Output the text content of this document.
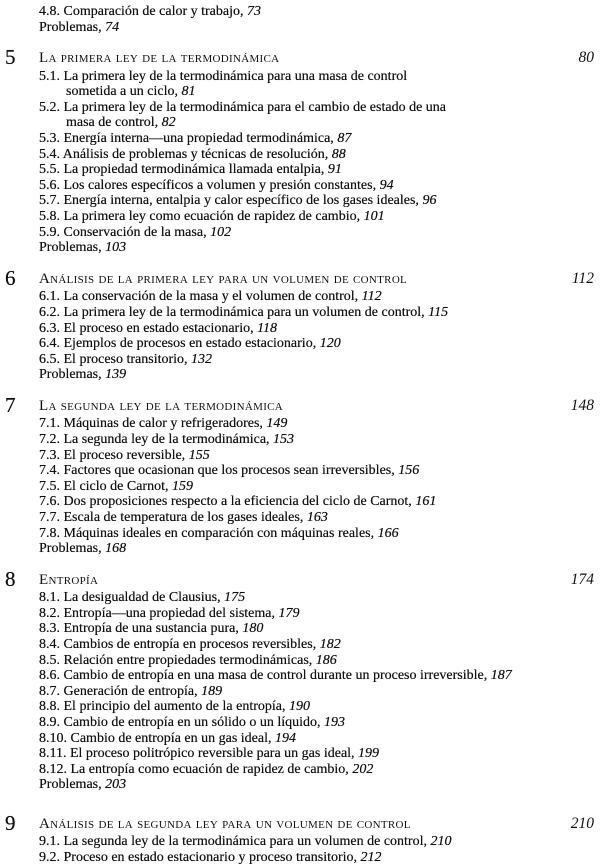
4.8. Comparación de calor y trabajo, 73
Problemas, 74
5 La primera ley de la termodinámica	80
5.1. La primera ley de la termodinámica para una masa de control
sometida a un ciclo, 81
5.2. La primera ley de la termodinámica para el cambio de estado de una
masa de control, 82
5.3. Energía interna—una propiedad termodinámica, 87
5.4. Análisis de problemas y técnicas de resolución, 88
5.5. La propiedad termodinámica llamada entalpia, 91
5.6. Los calores específicos a volumen y presión constantes, 94
5.7. Energía interna, entalpia y calor específico de los gases ideales, 96
5.8. La primera ley como ecuación de rapidez de cambio, 101
5.9. Conservación de la masa, 102
Problemas, 103
6 Análisis de la primera ley para un volumen de control	112
6.1. La conservación de la masa y el volumen de control, 112
6.2. La primera ley de la termodinámica para un volumen de control, 115
6.3. El proceso en estado estacionario, 118
6.4. Ejemplos de procesos en estado estacionario, 120
6.5. El proceso transitorio, 132
Problemas, 139
7 La segunda ley de la termodinámica	148
7.1. Máquinas de calor y refrigeradores, 149
7.2. La segunda ley de la termodinámica, 153
7.3. El proceso reversible, 155
7.4. Factores que ocasionan que los procesos sean irreversibles, 156
7.5. El ciclo de Carnot, 159
7.6. Dos proposiciones respecto a la eficiencia del ciclo de Carnot, 161
7.7. Escala de temperatura de los gases ideales, 163
7.8. Máquinas ideales en comparación con máquinas reales, 166
Problemas, 168
8 Entropía	174
8.1. La desigualdad de Clausius, 175
8.2. Entropía—una propiedad del sistema, 179
8.3. Entropía de una sustancia pura, 180
8.4. Cambios de entropía en procesos reversibles, 182
8.5. Relación entre propiedades termodinámicas, 186
8.6. Cambio de entropía en una masa de control durante un proceso irreversible, 187
8.7. Generación de entropía, 189
8.8. El principio del aumento de la entropía, 190
8.9. Cambio de entropía en un sólido o un líquido, 193
8.10. Cambio de entropía en un gas ideal, 194
8.11. El proceso politrópico reversible para un gas ideal, 199
8.12. La entropía como ecuación de rapidez de cambio, 202
Problemas, 203
9 Análisis de la segunda ley para un volumen de control	210
9.1. La segunda ley de la termodinámica para un volumen de control, 210
9.2. Proceso en estado estacionario y proceso transitorio, 212
